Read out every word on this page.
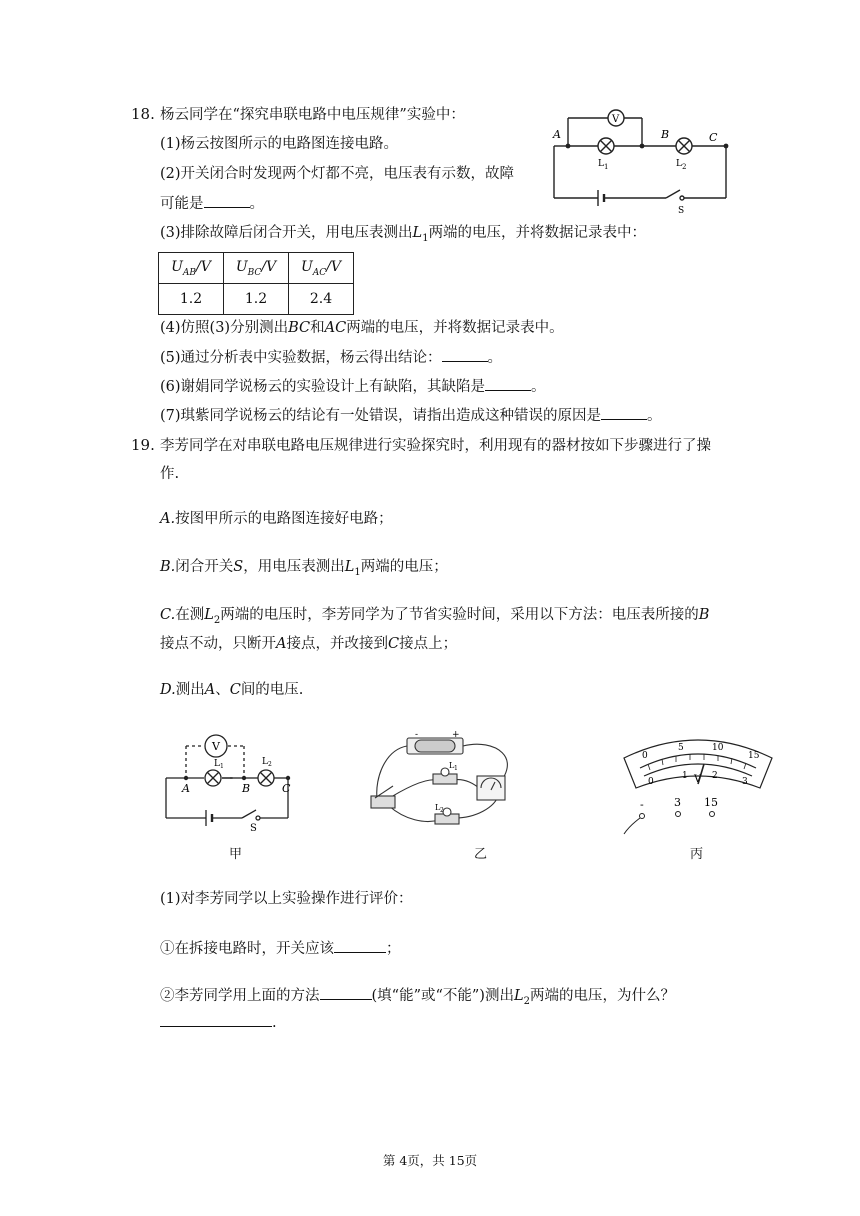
18. 杨云同学在“探究串联电路中电压规律”实验中：
(1)杨云按图所示的电路图连接电路。
(2)开关闭合时发现两个灯都不亮，电压表有示数，故障
可能是	。
(3)排除故障后闭合开关，用电压表测出$L_1$两端的电压，并将数据记录表中：
A	B	C
V
L 1	L 2
S
$U_{AB}/V$	$U_{BC}/V$	$U_{AC}/V$
1.2	1.2	2.4
(4)仿照(3)分别测出BC和AC两端的电压，并将数据记录表中。
(5)通过分析表中实验数据，杨云得出结论：	。
(6)谢娟同学说杨云的实验设计上有缺陷，其缺陷是	。
(7)琪紫同学说杨云的结论有一处错误，请指出造成这种错误的原因是	。
19. 李芳同学在对串联电路电压规律进行实验探究时，利用现有的器材按如下步骤进行了操
作.
A.按图甲所示的电路图连接好电路；
B.闭合开关S，用电压表测出$L_1$两端的电压；
C.在测$L_2$两端的电压时，李芳同学为了节省实验时间，采用以下方法：电压表所接的B
接点不动，只断开A接点，并改接到C接点上；
D.测出A、C间的电压.
V
A	B	C
L 1	L 2
S
甲
-	+
L 1
L 2
乙
0
5	10
15
0
1	2
3
V
-	3 15
丙
(1)对李芳同学以上实验操作进行评价：
①在拆接电路时，开关应该	；
②李芳同学用上面的方法	(填“能”或“不能”)测出$L_2$两端的电压，为什么？
.
第 4页，共 15页
